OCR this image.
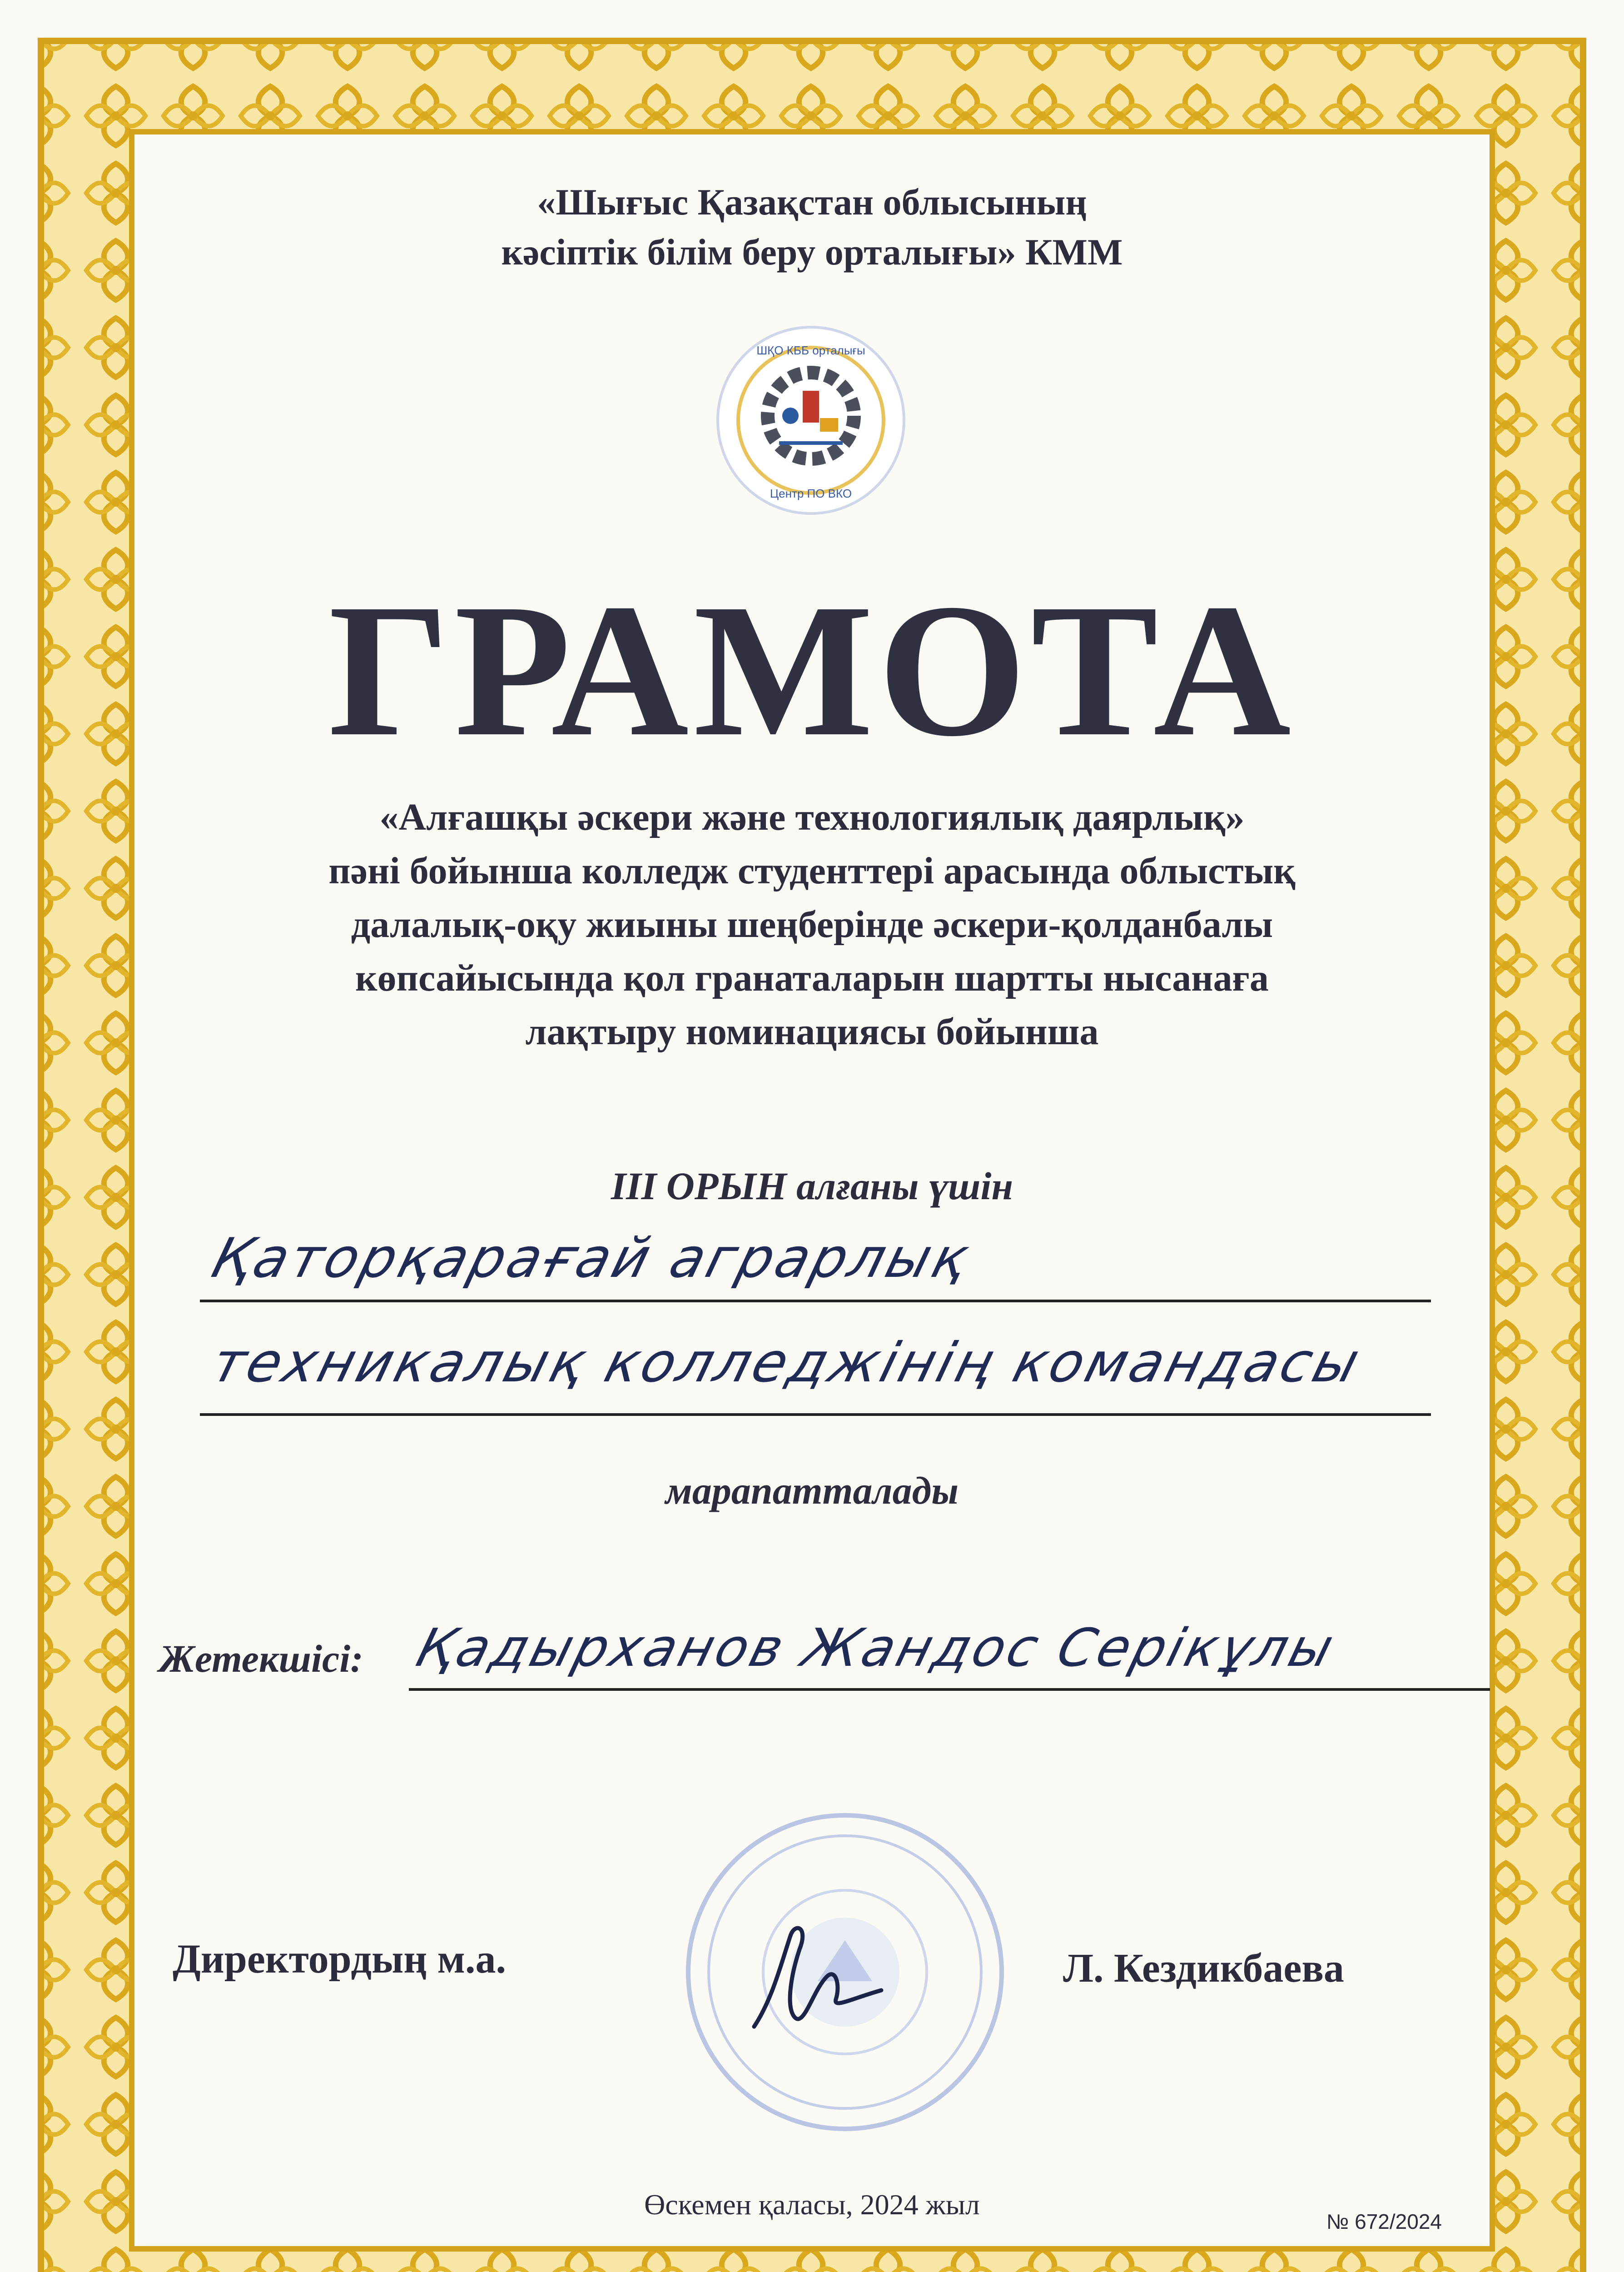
«Шығыс Қазақстан облысының
кәсіптік білім беру орталығы» КММ
ШҚО КББ орталығы
Центр ПО ВКО
ГРАМОТА
«Алғашқы әскери және технологиялық даярлық»
пәні бойынша колледж студенттері арасында облыстық
далалық-оқу жиыны шеңберінде әскери-қолданбалы
көпсайысында қол гранаталарын шартты нысанаға
лақтыру номинациясы бойынша
III ОРЫН алғаны үшін
Қаторқарағай аграрлық
техникалық колледжінің командасы
марапатталады
Жетекшісі: Қадырханов Жандос Серікұлы
Директордың м.а.	Л. Кездикбаева
Өскемен қаласы, 2024 жыл
№ 672/2024
